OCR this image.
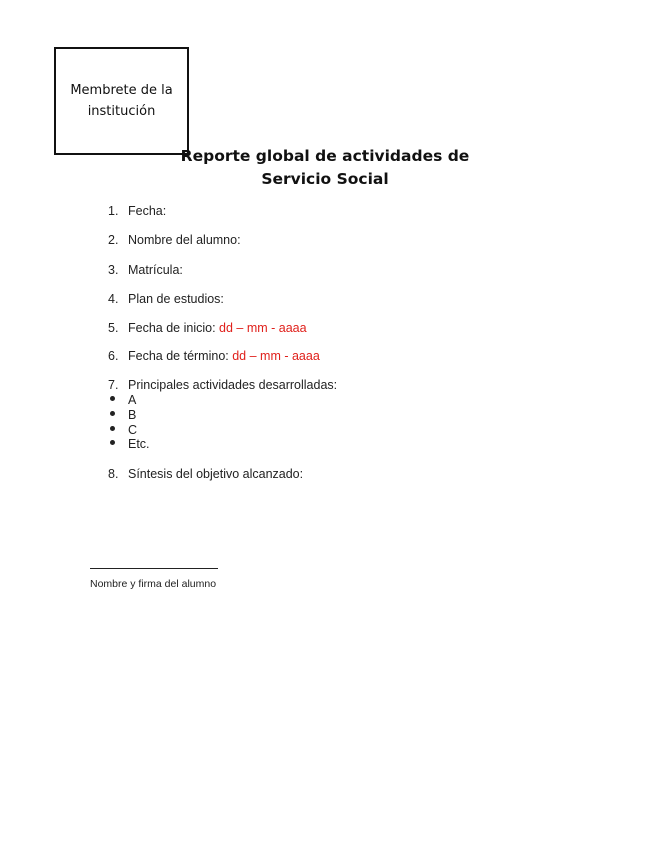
Membrete de la institución
Reporte global de actividades de
Servicio Social
1. Fecha:
2. Nombre del alumno:
3. Matrícula:
4. Plan de estudios:
5. Fecha de inicio: dd – mm - aaaa
6. Fecha de término: dd – mm - aaaa
7. Principales actividades desarrolladas:
A
B
C
Etc.
8. Síntesis del objetivo alcanzado:
Nombre y firma del alumno
